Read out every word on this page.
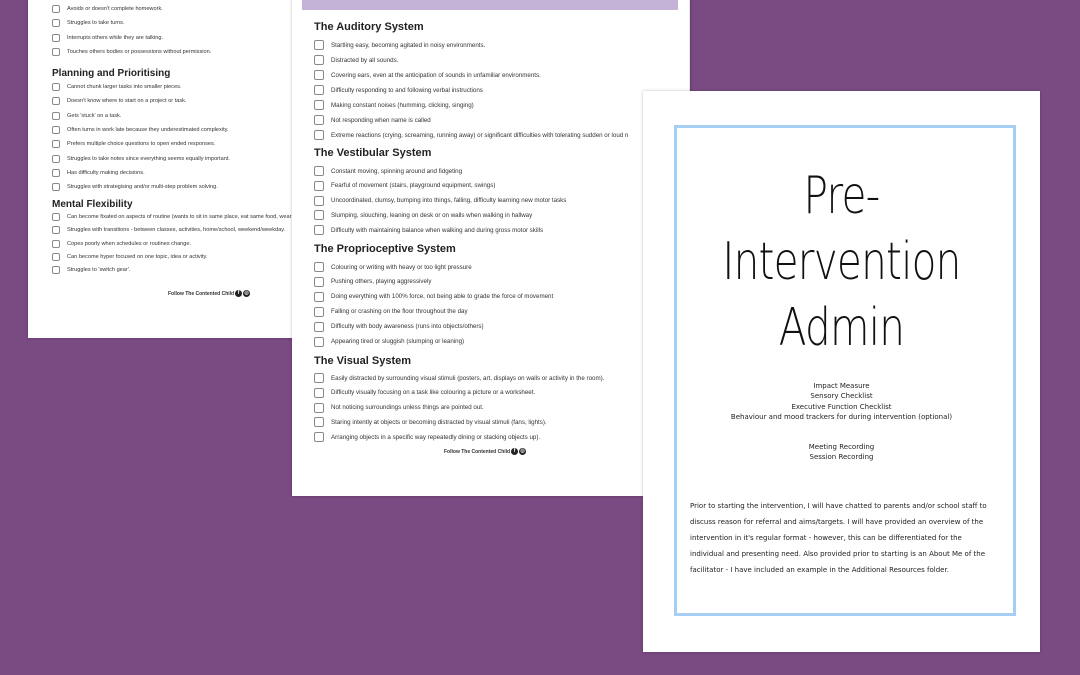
Avoids or doesn't complete homework.
Struggles to take turns.
Interrupts others while they are talking.
Touches others bodies or possessions without permission.
Planning and Prioritising
Cannot chunk larger tasks into smaller pieces.
Doesn't know where to start on a project or task.
Gets 'stuck' on a task.
Often turns in work late because they underestimated complexity.
Prefers multiple choice questions to open ended responses.
Struggles to take notes since everything seems equally important.
Has difficulty making decisions.
Struggles with strategising and/or multi-step problem solving.
Mental Flexibility
Can become fixated on aspects of routine (wants to sit in same place, eat same food, wear
Struggles with transitions - between classes, activities, home/school, weekend/weekday.
Copes poorly when schedules or routines change.
Can become hyper focused on one topic, idea or activity.
Struggles to 'switch gear'.
Follow The Contented Child f ◎
The Auditory System
Startling easy, becoming agitated in noisy environments.
Distracted by all sounds.
Covering ears, even at the anticipation of sounds in unfamiliar environments.
Difficulty responding to and following verbal instructions
Making constant noises (humming, clicking, singing)
Not responding when name is called
Extreme reactions (crying, screaming, running away) or significant difficulties with tolerating sudden or loud n
The Vestibular System
Constant moving, spinning around and fidgeting
Fearful of movement (stairs, playground equipment, swings)
Uncoordinated, clumsy, bumping into things, falling, difficulty learning new motor tasks
Slumping, slouching, leaning on desk or on walls when walking in hallway
Difficulty with maintaining balance when walking and during gross motor skills
The Proprioceptive System
Colouring or writing with heavy or too light pressure
Pushing others, playing aggressively
Doing everything with 100% force, not being able to grade the force of movement
Falling or crashing on the floor throughout the day
Difficulty with body awareness (runs into objects/others)
Appearing tired or sluggish (slumping or leaning)
The Visual System
Easily distracted by surrounding visual stimuli (posters, art, displays on walls or activity in the room).
Difficulty visually focusing on a task like colouring a picture or a worksheet.
Not noticing surroundings unless things are pointed out.
Staring intently at objects or becoming distracted by visual stimuli (fans, lights).
Arranging objects in a specific way repeatedly dining or stacking objects up).
Follow The Contented Child f ◎
Pre-Intervention
Admin
Impact Measure
Sensory Checklist
Executive Function Checklist
Behaviour and mood trackers for during intervention (optional)
Meeting Recording
Session Recording
Prior to starting the intervention, I will have chatted to parents and/or school staff to discuss reason for referral and aims/targets. I will have provided an overview of the intervention in it's regular format - however, this can be differentiated for the individual and presenting need. Also provided prior to starting is an About Me of the facilitator - I have included an example in the Additional Resources folder.
